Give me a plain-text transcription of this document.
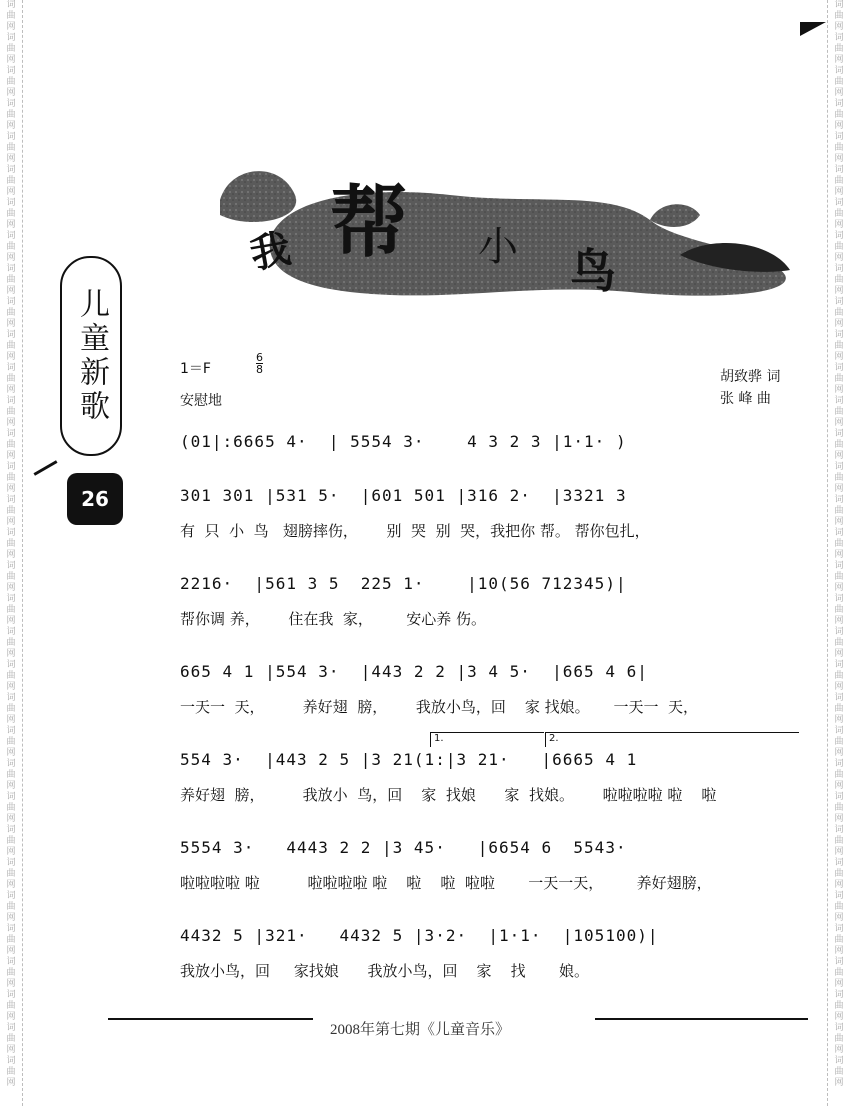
词
曲
网
词
曲
网
词
曲
网
词
曲
网
词
曲
网
词
曲
网
词
曲
网
词
曲
网
词
曲
网
词
曲
网
词
曲
网
词
曲
网
词
曲
网
词
曲
网
词
曲
网
词
曲
网
词
曲
网
词
曲
网
词
曲
网
词
曲
网
词
曲
网
词
曲
网
词
曲
网
词
曲
网
词
曲
网
词
曲
网
词
曲
网
词
曲
网
词
曲
网
词
曲
网
词
曲
网
词
曲
网
词
曲
网
词
曲
网
词
曲
网
词
曲
网
词
曲
网
词
曲
网
词
曲
网
词
曲
网
词
曲
网
词
曲
网
词
曲
网
词
曲
网
词
曲
网
词
曲
网
词
曲
网
词
曲
网
词
曲
网
词
曲
网
词
曲
网
词
曲
网
词
曲
网
词
曲
网
词
曲
网
词
曲
网
词
曲
网
词
曲
网
词
曲
网
词
曲
网
词
曲
网
词
曲
网
词
曲
网
词
曲
网
词
曲
网
词
曲
网
我 帮 小 鸟
儿童新歌
26
1＝F
6
8
安慰地
胡致骅 词
张 峰 曲
(01|:6665 4·  | 5554 3·    4 3 2 3 |1·1· )
301 301 |531 5·  |601 501 |316 2·  |3321 3
有  只  小  鸟   翅膀摔伤，      别  哭  别  哭，我把你 帮。 帮你包扎，
2216·  |561 3 5  225 1·    |10(56 712345)|
帮你调 养，      住在我  家，       安心养 伤。
665 4 1 |554 3·  |443 2 2 |3 4 5·  |665 4 6|
一天一  天，        养好翅  膀，      我放小鸟，回    家 找娘。     一天一  天，
1.	2.
554 3·  |443 2 5 |3 21(1:|3 21·   |6665 4 1
养好翅  膀，        我放小  鸟，回    家  找娘      家  找娘。      啦啦啦啦 啦    啦
5554 3·   4443 2 2 |3 45·   |6654 6  5543·
啦啦啦啦 啦          啦啦啦啦 啦    啦    啦  啦啦       一天一天，       养好翅膀，
4432 5 |321·   4432 5 |3·2·  |1·1·  |105100)|
我放小鸟，回     家找娘      我放小鸟，回    家    找       娘。
2008年第七期《儿童音乐》
